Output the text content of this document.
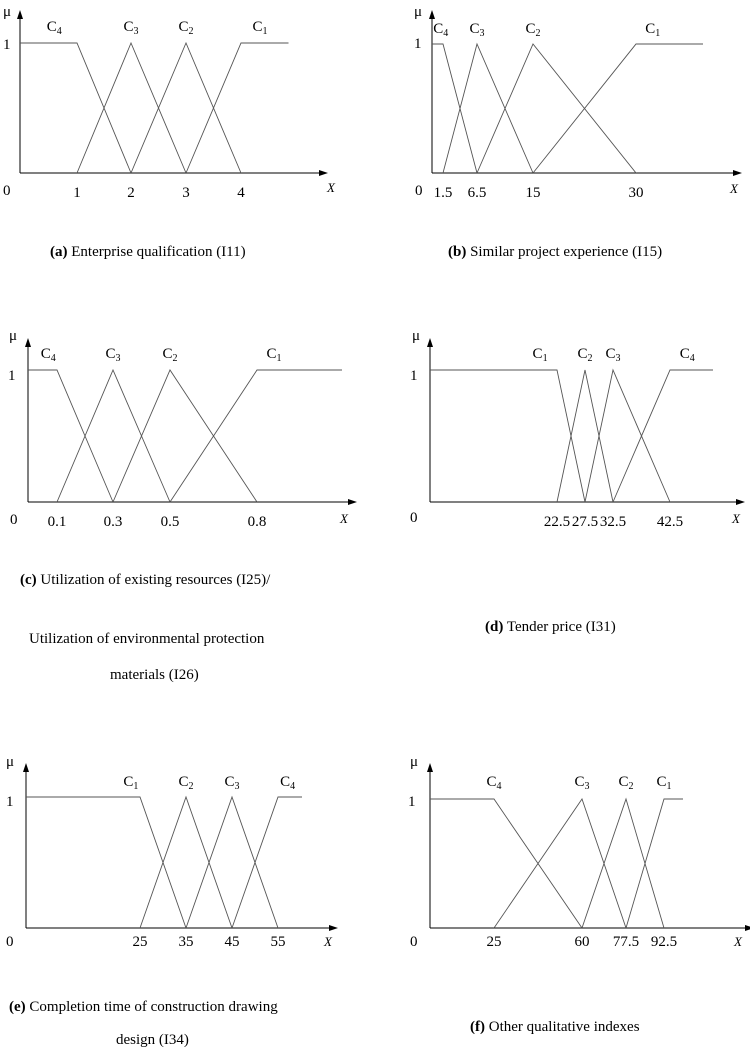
μ
1
0	X
1	2	3	4
$C_4$	$C_3$	$C_2$	$C_1$
μ
1
0	X
1.5 6.5	15	30
$C_4$ $C_3$	$C_2$	$C_1$
μ
1
0	X
0.1 0.3	0.5	0.8
$C_4$	$C_3$	$C_2$	$C_1$
μ
1
0	X
22.5 27.5 32.5 42.5
$C_1$ $C_2$ $C_3$	$C_4$
μ
1
0	X
25 35 45 55
$C_1$	$C_2$ $C_3$	$C_4$
μ
1
0	X
25	60 77.5 92.5
$C_4$	$C_3$ $C_2$ $C_1$
(a) Enterprise qualification (I11)	(b) Similar project experience (I15)
(c) Utilization of existing resources (I25)/
Utilization of environmental protection
materials (I26)
(d) Tender price (I31)
(e) Completion time of construction drawing
design (I34)
(f) Other qualitative indexes
